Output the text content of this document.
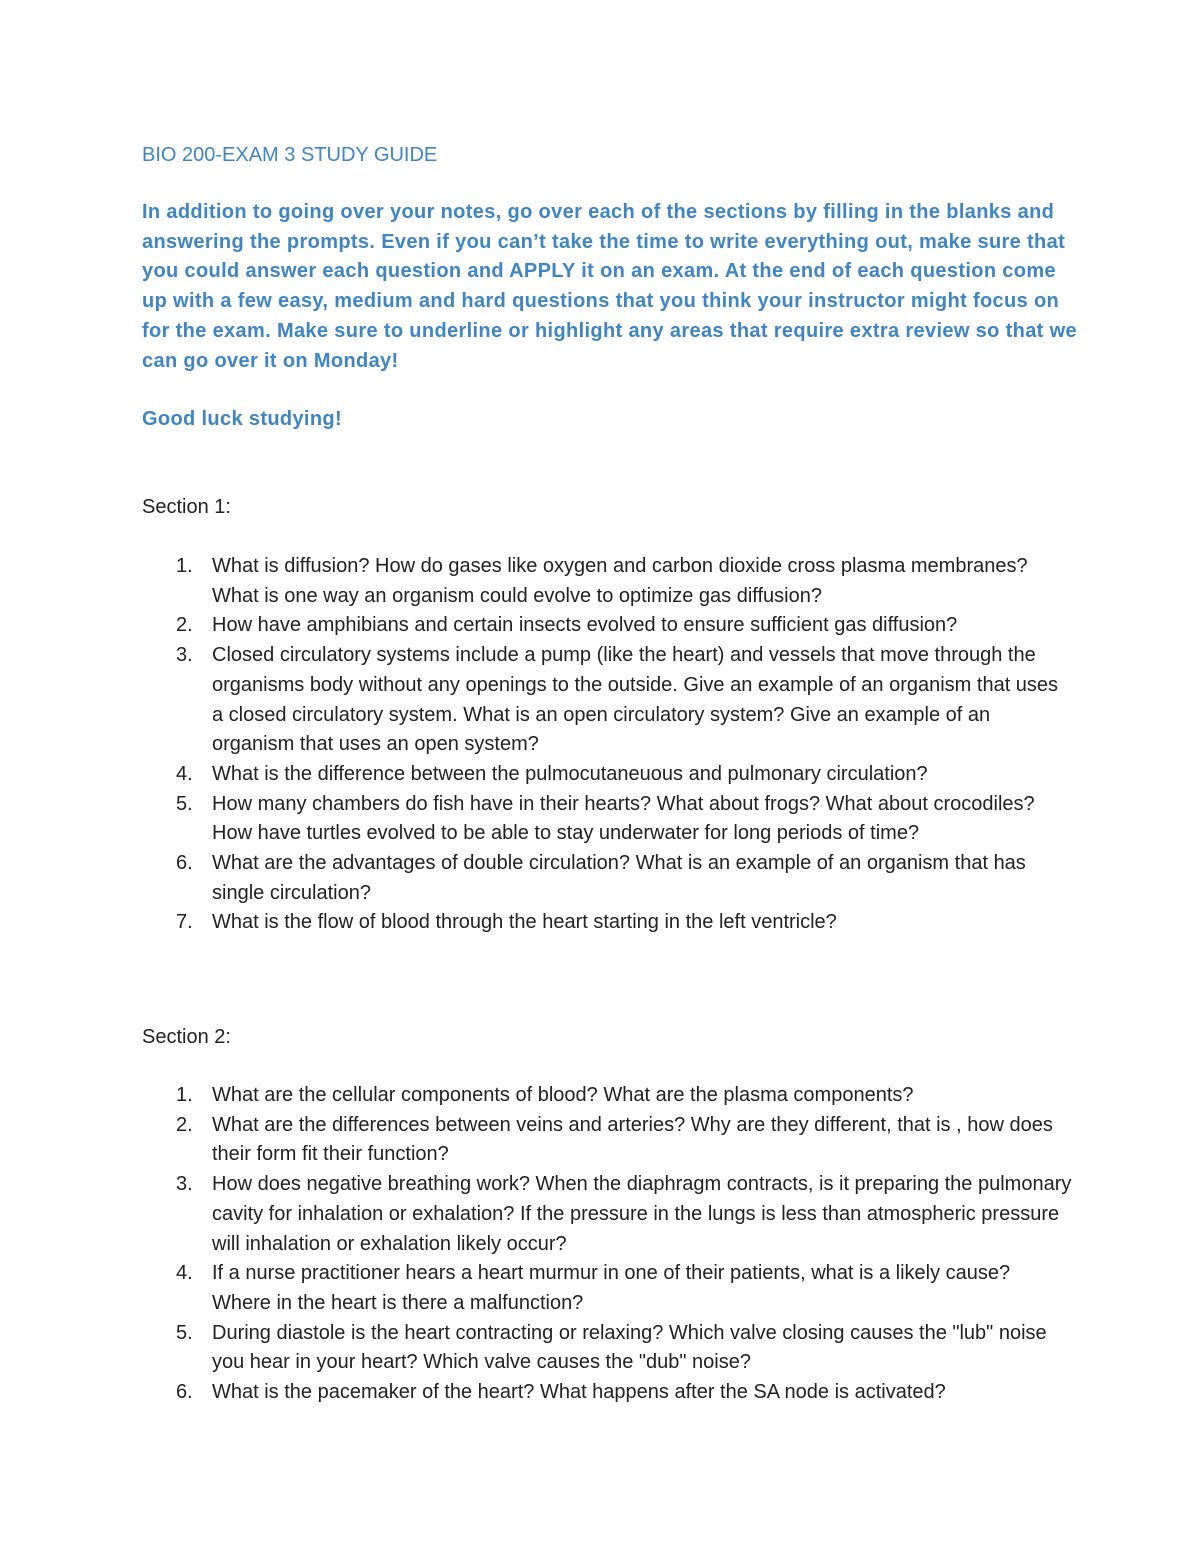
BIO 200-EXAM 3 STUDY GUIDE
In addition to going over your notes, go over each of the sections by filling in the blanks and answering the prompts. Even if you can’t take the time to write everything out, make sure that you could answer each question and APPLY it on an exam. At the end of each question come up with a few easy, medium and hard questions that you think your instructor might focus on for the exam. Make sure to underline or highlight any areas that require extra review so that we can go over it on Monday!
Good luck studying!
Section 1:
1. What is diffusion? How do gases like oxygen and carbon dioxide cross plasma membranes? What is one way an organism could evolve to optimize gas diffusion?
2. How have amphibians and certain insects evolved to ensure sufficient gas diffusion?
3. Closed circulatory systems include a pump (like the heart) and vessels that move through the organisms body without any openings to the outside. Give an example of an organism that uses a closed circulatory system. What is an open circulatory system? Give an example of an organism that uses an open system?
4. What is the difference between the pulmocutaneuous and pulmonary circulation?
5. How many chambers do fish have in their hearts? What about frogs? What about crocodiles? How have turtles evolved to be able to stay underwater for long periods of time?
6. What are the advantages of double circulation? What is an example of an organism that has single circulation?
7. What is the flow of blood through the heart starting in the left ventricle?
Section 2:
1. What are the cellular components of blood? What are the plasma components?
2. What are the differences between veins and arteries? Why are they different, that is , how does their form fit their function?
3. How does negative breathing work? When the diaphragm contracts, is it preparing the pulmonary cavity for inhalation or exhalation? If the pressure in the lungs is less than atmospheric pressure will inhalation or exhalation likely occur?
4. If a nurse practitioner hears a heart murmur in one of their patients, what is a likely cause? Where in the heart is there a malfunction?
5. During diastole is the heart contracting or relaxing? Which valve closing causes the "lub" noise you hear in your heart? Which valve causes the "dub" noise?
6. What is the pacemaker of the heart? What happens after the SA node is activated?
